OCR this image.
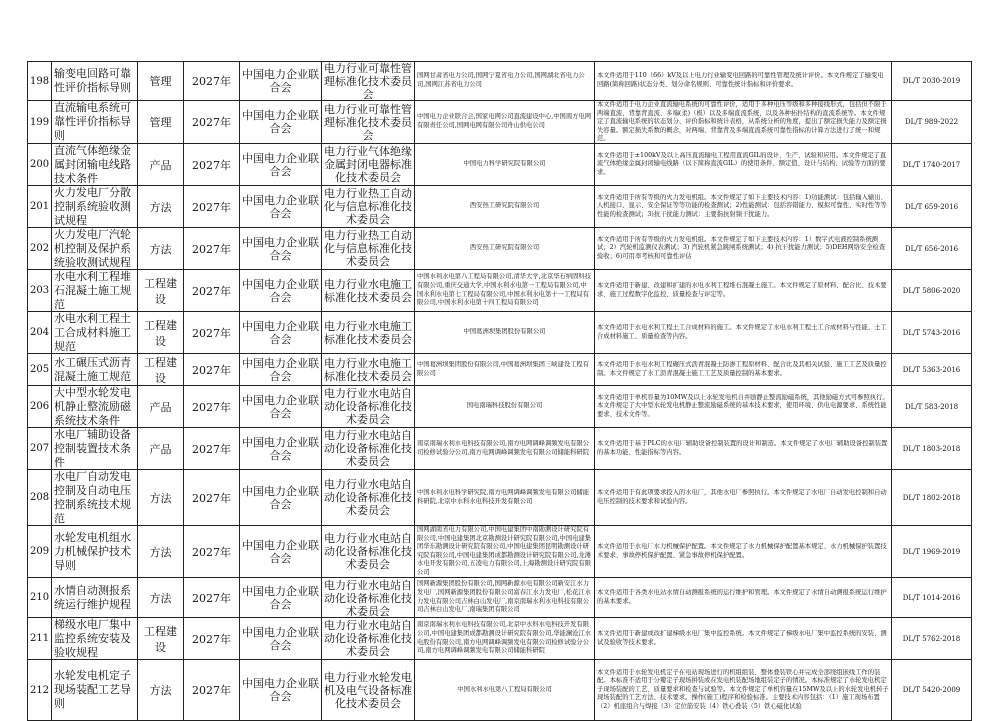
198	输变电回路可靠性评价指标导则	管理	2027年	中国电力企业联合会	电力行业可靠性管理标准化技术委员会	国网甘肃省电力公司,国网宁夏省电力公司,国网湖北省电力公司,国网江苏省电力公司	本文件适用于110（66）kV及以上电力行业输变电回路的可靠性管理及统计评价。本文件规定了输变电回路(简称回路)状态分类、划分命名规则、可靠性统计指标和评价要求。	DL/T 2030-2019

199	直流输电系统可靠性评价指标导则	管理	2027年	中国电力企业联合会	电力行业可靠性管理标准化技术委员会	中国电力企业联合会,国家电网公司直流建设中心,中国南方电网有限责任公司,国网电网有限公司舟山供电公司	本文件适用于电力企业直流输电系统的可靠性评价，适用于多种电压等级和多种接线形式，包括但不限于两端直流、背靠背直流、多端(柔)（极）以及多端直流系统，以及各种拓扑结构的直流系统等。本文件规定了直流输电系统的状态划分、评价指标和统计表格，从系统分析的角度，提出了额定损失能力及额定损失容量。额定损失系数的概念，对两端、背靠背及多端直流系统可靠性指标的计算方法进行了统一和规范。	DL/T 989-2022

200	直流气体绝缘金属封闭输电线路技术条件	产品	2027年	中国电力企业联合会	电力行业气体绝缘金属封闭电器标准化技术委员会	中国电力科学研究院有限公司	本文件适用于±100kV及以上高压直流输电工程用直流GIL的设计、生产、试验和应用。本文件规定了直流气体绝缘金属封闭输电线路（以下简称直流GIL）的使用条件、额定值、设计与结构、试验等方面的要求。	DL/T 1740-2017

201	火力发电厂分散控制系统验收测试规程	方法	2027年	中国电力企业联合会	电力行业热工自动化与信息标准化技术委员会	西安热工研究院有限公司	本文件适用于所有等级的火力发电机组。本文件规定了如下主要技术内容：1)功能测试：包括输入输出、人机接口、显示、安全保证等等功能的检查测试；2)性能测试：包括容错能力、模拟可靠性、实时性等等性能的检查测试；3)抗干扰能力测试：主要指抗射频干扰能力。	DL/T 659-2016

202	火力发电厂汽轮机控制及保护系统验收测试规程	方法	2027年	中国电力企业联合会	电力行业热工自动化与信息标准化技术委员会	西安热工研究院有限公司	本文件适用于所有等级的火力发电机组。本文件规定了如下主要技术内容：1）数字式电液控制系统测试；2）汽轮机监测仪表测试；3) 汽轮机紧急跳闸系统测试；4) 抗干扰能力测试；5)DEH网络安全检查验收；6)可用率考核和可靠性评估	DL/T 656-2016

203	水电水利工程堆石混凝土施工规范	工程建设	2027年	中国电力企业联合会	电力行业水电施工标准化技术委员会	中国水利水电第八工程局有限公司,清华大学,北京华石纳固科技有限公司,重庆交通大学,中国水利水电第一工程局有限公司,中国水利水电第七工程局有限公司,中国水利水电第十一工程局有限公司,中国水利水电第十四工程局有限公司	本文件适用于新建、改建和扩建的水电水利工程堆石混凝土施工。本文件规定了原材料、配合比、技术要求、施工过程数字化监控、质量检查与评定等。	DL/T 5806-2020

204	水电水利工程土工合成材料施工规范	工程建设	2027年	中国电力企业联合会	电力行业水电施工标准化技术委员会	中国葛洲坝集团股份有限公司	本文件适用于水电水利工程土工合成材料的施工。本文件规定了水电水利工程土工合成材料与性能、土工合成材料施工、质量检查等内容。	DL/T 5743-2016

205	水工碾压式沥青混凝土施工规范	工程建设	2027年	中国电力企业联合会	电力行业水电施工标准化技术委员会	中国葛洲坝集团股份有限公司,中国葛洲坝集团三峡建设工程有限公司	本文件适用于水电水利工程碾压式沥青混凝土防渗工程原材料、配合比及其相关试验、施工工艺及质量控制。本文件规定了水工沥青混凝土施工工艺及质量控制的基本要求。	DL/T 5363-2016

206	大中型水轮发电机静止整流励磁系统技术条件	产品	2027年	中国电力企业联合会	电力行业水电站自动化设备标准化技术委员会	国电南瑞科技股份有限公司	本文件适用于单机容量为10MW及以上水轮发电机自并励静止整流励磁系统，其他励磁方式可参照执行。本文件规定了大中型水轮发电机静止整流励磁系统的基本技术要求，使用环境、供电电源要求、系统性能要求、技术文件等。	DL/T 583-2018

207	水电厂辅助设备控制装置技术条件	产品	2027年	中国电力企业联合会	电力行业水电站自动化设备标准化技术委员会	南京南瑞水利水电科技有限公司,南方电网调峰调频发电有限公司检修试验分公司,南方电网调峰调频发电有限公司储能科研院	本文件适用于基于PLC的水电厂辅助设备控制装置的设计和制造。本文件规定了水电厂辅助设备控制装置的基本功能、性能指标等内容。	DL/T 1803-2018

208	水电厂自动发电控制及自动电压控制系统技术规范	方法	2027年	中国电力企业联合会	电力行业水电站自动化设备标准化技术委员会	中国水利水电科学研究院,南方电网调峰调频发电有限公司储能科研院,北京中水科水电科技开发有限公司	本文件适用于有此项要求投入的水电厂，其他水电厂参照执行。本文件规定了水电厂自动发电控制和自动电压控制的技术要求和试验内容。	DL/T 1802-2018

209	水轮发电机组水力机械保护技术导则	方法	2027年	中国电力企业联合会	电力行业水电站自动化设备标准化技术委员会	国网湖南省电力有限公司,中国电建集团中南勘测设计研究院有限公司,中国电建集团北京勘测设计研究院有限公司,中国电建集团华东勘测设计研究院有限公司,中国电建集团昆明勘测设计研究院有限公司,中国电建集团成都勘测设计研究院有限公司,龙滩水电开发有限公司,五凌电力有限公司,上海勘测设计研究院有限公司	本文件适用于水电厂水力机械保护配置。本文件规定了水力机械保护配置基本规定、水力机械保护装置技术要求、事故停机保护配置、紧急事故停机保护配置。	DL/T 1969-2019

210	水情自动测报系统运行维护规程	方法	2027年	中国电力企业联合会	电力行业水电站自动化设备标准化技术委员会	国网新源集团股份有限公司,国网新源水电有限公司新安江水力发电厂,国网新源集团股份有限公司富春江水力发电厂,松花江水力发电有限公司吉林白山发电厂,南京南瑞水利水电科技有限公司吉林白山发电厂,南瑞集团有限公司	本文件适用于各类水电站水情自动测报系统的运行维护和管理。本文件规定了水情自动测报系统运行维护的基本要求。	DL/T 1014-2016

211	梯级水电厂集中监控系统安装及验收规程	工程建设	2027年	中国电力企业联合会	电力行业水电站自动化设备标准化技术委员会	南京南瑞水利水电科技有限公司,北京中水科水电科技开发有限公司,中国电建集团成都勘测设计研究院有限公司,华能澜沧江水电股份有限公司,南方电网调峰调频发电有限公司检修试验分公司,南方电网调峰调频发电有限公司储能科研院	本文件适用于新建或改扩建梯级水电厂集中监控系统。本文件规定了梯级水电厂集中监控系统的安装、测试及验收等技术要求。	DL/T 5762-2018

212	水轮发电机定子现场装配工艺导则	方法	2027年	中国电力企业联合会	电力行业水轮发电机及电气设备标准化技术委员会	中国水利水电第八工程局有限公司	本文件适用于水轮发电机定子在电站现场进行的机组组装、整体叠装铁心并完成全部绕组嵌线工作的装配。本标准不适用于分瓣定子现场拼装或在发电机装配场地组装定子的情况。本标准规定了水轮发电机定子现场装配的工艺、质量要求和检查与试验等。本文件规定了单机容量在15MW及以上的水轮发电机转子现场装配的工艺方法、技术要求。操作(施工)程序和检验标准。主要技术内容包括：（1）施工现场布置（2）机座组合与焊接（3）定位筋安装（4）铁心叠装（5）铁心磁化试验	DL/T 5420-2009
